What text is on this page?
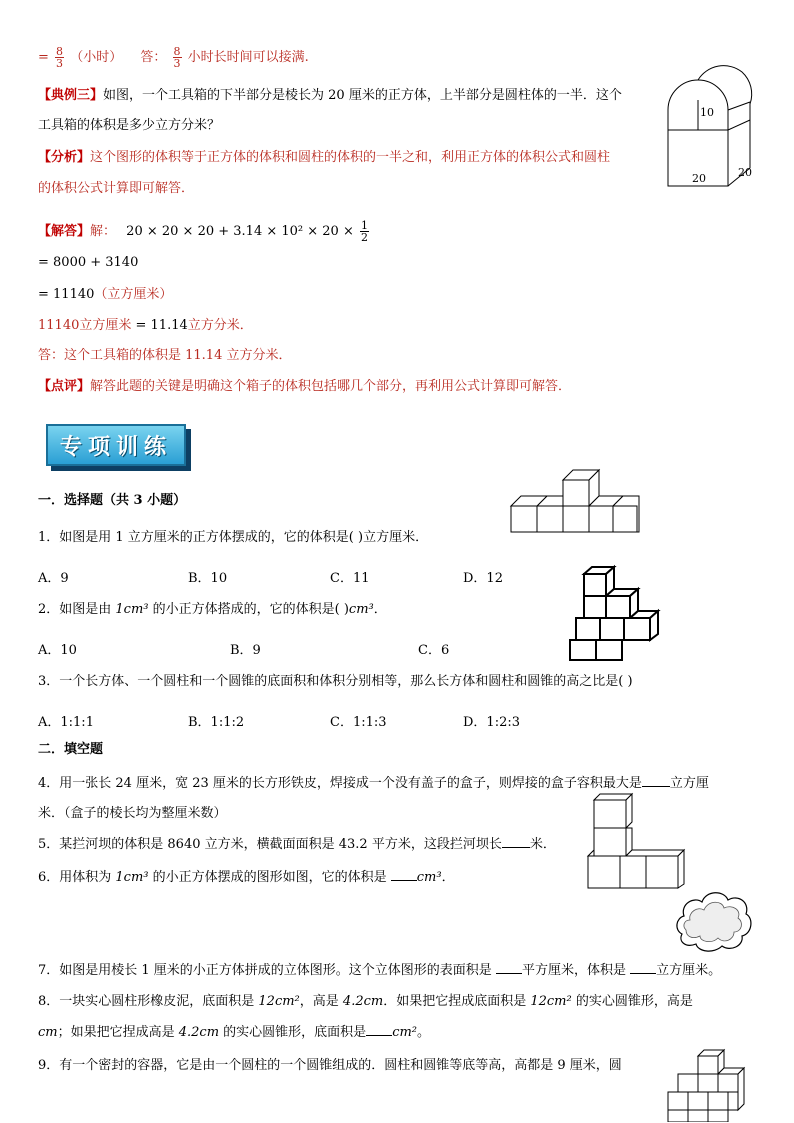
= $\frac{8}{3}$ （小时） 答： $\frac{8}{3}$ 小时长时间可以接满.
【典例三】如图，一个工具箱的下半部分是棱长为 20 厘米的正方体，上半部分是圆柱体的一半．这个
工具箱的体积是多少立方分米？
【分析】这个图形的体积等于正方体的体积和圆柱的体积的一半之和，利用正方体的体积公式和圆柱
的体积公式计算即可解答．
【解答】解： $20 \times 20 \times 20 + 3.14 \times 10^2 \times 20 \times \frac{1}{2}$
= 8000 + 3140
= 11140（立方厘米）
11140立方厘米 = 11.14立方分米．
答：这个工具箱的体积是 11.14 立方分米．
【点评】解答此题的关键是明确这个箱子的体积包括哪几个部分，再利用公式计算即可解答．
10
20	20
专项训练
一．选择题（共 3 小题）
1．如图是用 1 立方厘米的正方体摆成的，它的体积是( )立方厘米．
A．9	B．10	C．11	D．12
2．如图是由 1cm³ 的小正方体搭成的，它的体积是( )cm³．
A．10	B．9	C．6
3．一个长方体、一个圆柱和一个圆锥的底面积和体积分别相等，那么长方体和圆柱和圆锥的高之比是( )
A．1:1:1	B．1:1:2	C．1:1:3	D．1:2:3
二．填空题
4．用一张长 24 厘米，宽 23 厘米的长方形铁皮，焊接成一个没有盖子的盒子，则焊接的盒子容积最大是 立方厘
米．（盒子的棱长均为整厘米数）
5．某拦河坝的体积是 8640 立方米，横截面面积是 43.2 平方米，这段拦河坝长 米．
6．用体积为 1cm³ 的小正方体摆成的图形如图，它的体积是 cm³．
7．如图是用棱长 1 厘米的小正方体拼成的立体图形。这个立体图形的表面积是 平方厘米，体积是 立方厘米。
8．一块实心圆柱形橡皮泥，底面积是 12cm²，高是 4.2cm．如果把它捏成底面积是 12cm² 的实心圆锥形，高是
cm；如果把它捏成高是 4.2cm 的实心圆锥形，底面积是 cm²。
9．有一个密封的容器，它是由一个圆柱的一个圆锥组成的．圆柱和圆锥等底等高，高都是 9 厘米，圆
